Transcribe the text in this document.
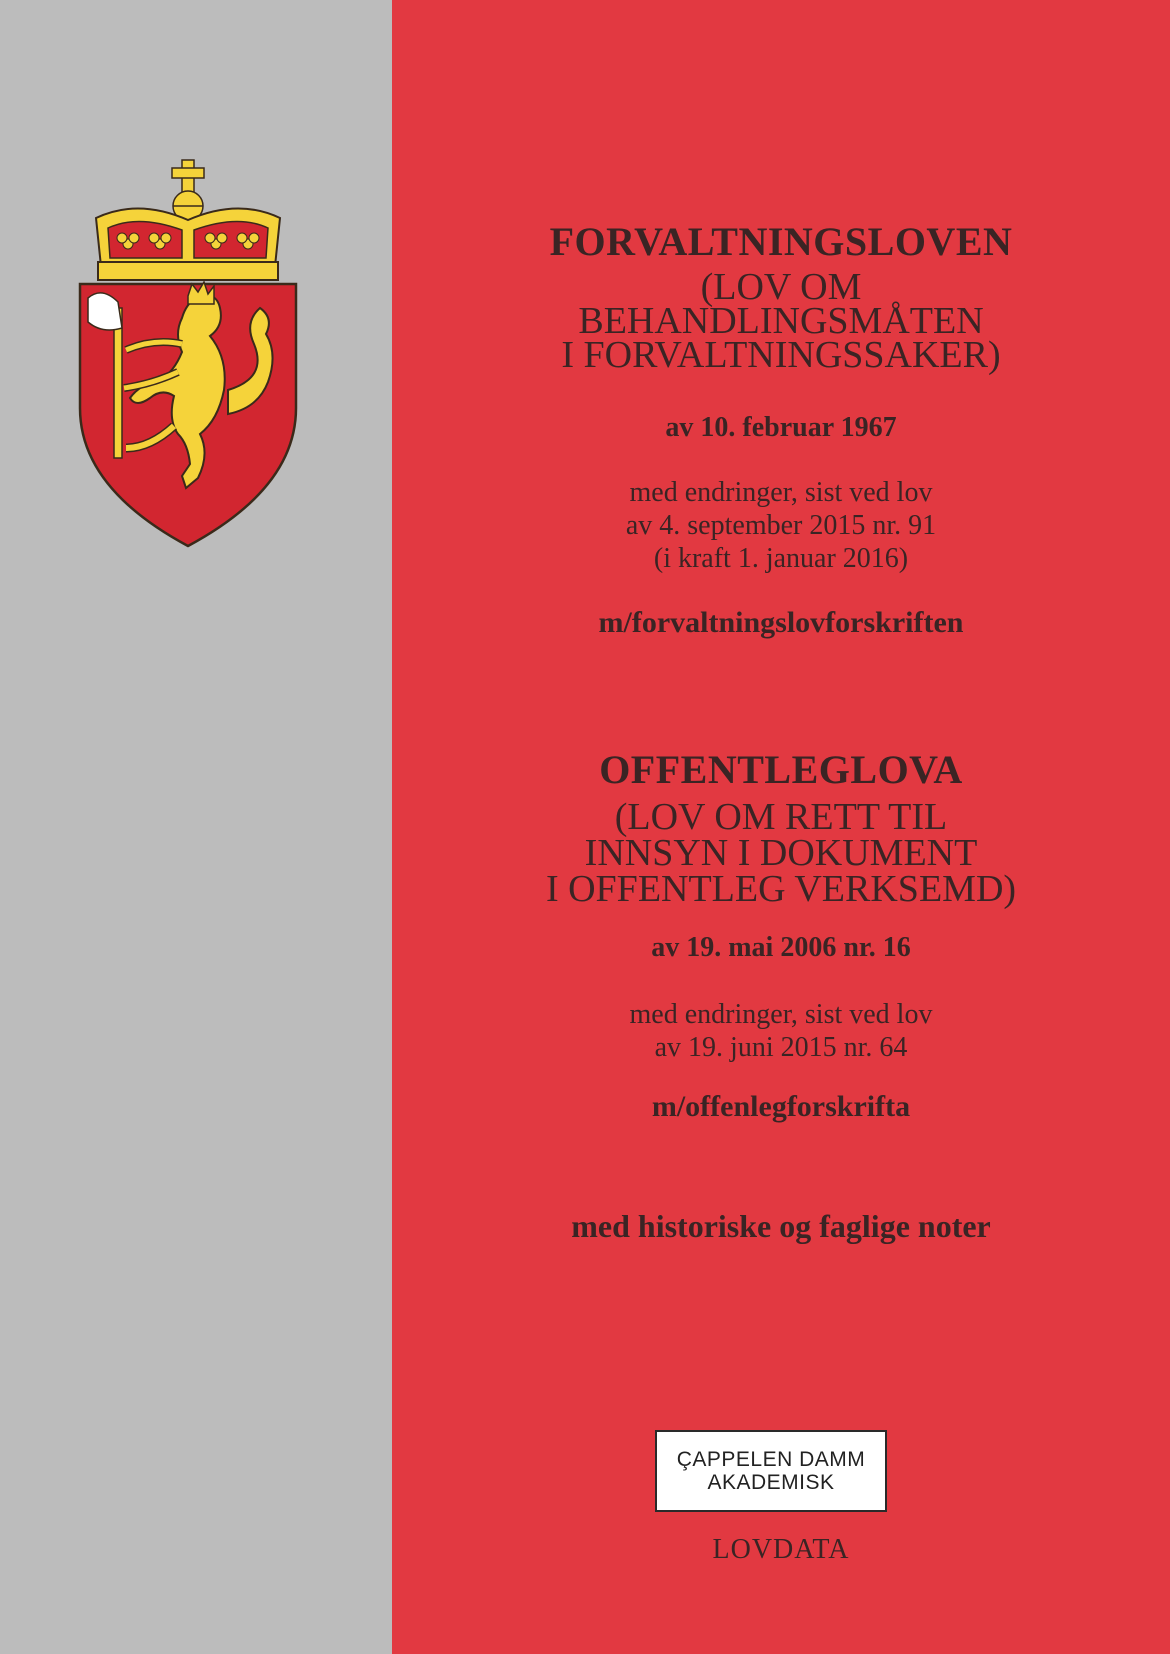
FORVALTNINGSLOVEN
(LOV OM
BEHANDLINGSMÅTEN
I FORVALTNINGSSAKER)
av 10. februar 1967
med endringer, sist ved lov
av 4. september 2015 nr. 91
(i kraft 1. januar 2016)
m/forvaltningslovforskriften
OFFENTLEGLOVA
(LOV OM RETT TIL
INNSYN I DOKUMENT
I OFFENTLEG VERKSEMD)
av 19. mai 2006 nr. 16
med endringer, sist ved lov
av 19. juni 2015 nr. 64
m/offenlegforskrifta
med historiske og faglige noter
ÇAPPELEN DAMM
AKADEMISK
LOVDATA
